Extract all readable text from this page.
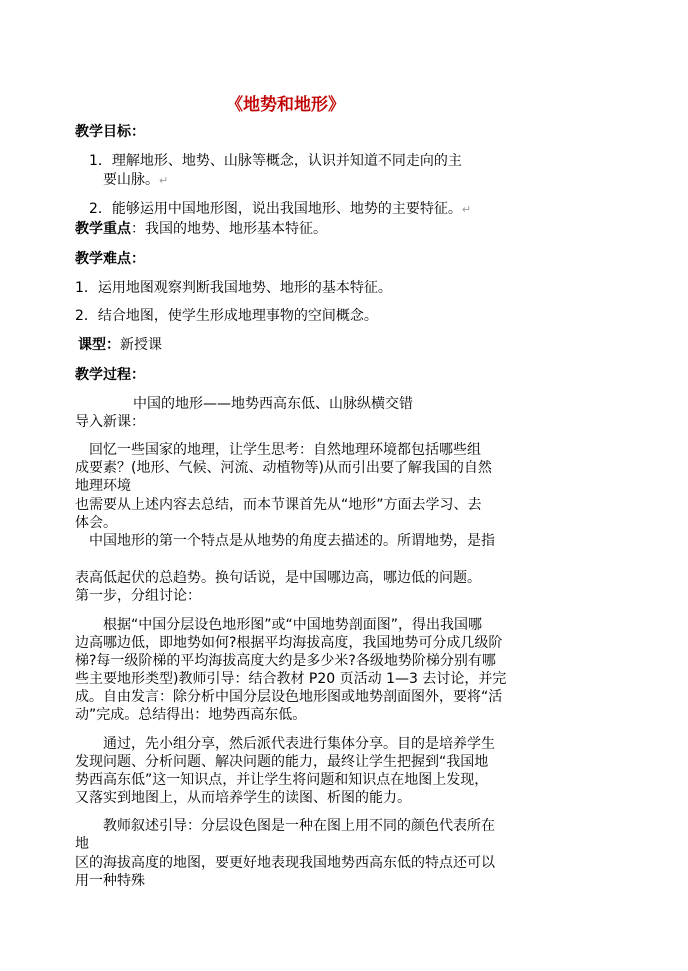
《地势和地形》
教学目标：
1．理解地形、地势、山脉等概念，认识并知道不同走向的主
要山脉。↵
2．能够运用中国地形图，说出我国地形、地势的主要特征。↵
教学重点：我国的地势、地形基本特征。
教学难点：
1．运用地图观察判断我国地势、地形的基本特征。
2．结合地图，使学生形成地理事物的空间概念。
课型：新授课
教学过程：
中国的地形——地势西高东低、山脉纵横交错
导入新课：
回忆一些国家的地理，让学生思考：自然地理环境都包括哪些组
成要素？(地形、气候、河流、动植物等)从而引出要了解我国的自然
地理环境
也需要从上述内容去总结，而本节课首先从“地形”方面去学习、去
体会。
中国地形的第一个特点是从地势的角度去描述的。所谓地势，是指
表高低起伏的总趋势。换句话说，是中国哪边高，哪边低的问题。
第一步，分组讨论：
根据“中国分层设色地形图”或“中国地势剖面图”，得出我国哪
边高哪边低，即地势如何?根据平均海拔高度，我国地势可分成几级阶
梯?每一级阶梯的平均海拔高度大约是多少米?各级地势阶梯分别有哪
些主要地形类型)教师引导：结合教材 P20 页活动 1—3 去讨论，并完
成。自由发言：除分析中国分层设色地形图或地势剖面图外，要将“活
动”完成。总结得出：地势西高东低。
通过，先小组分享，然后派代表进行集体分享。目的是培养学生
发现问题、分析问题、解决问题的能力，最终让学生把握到“我国地
势西高东低”这一知识点，并让学生将问题和知识点在地图上发现，
又落实到地图上，从而培养学生的读图、析图的能力。
教师叙述引导：分层设色图是一种在图上用不同的颜色代表所在
地
区的海拔高度的地图，要更好地表现我国地势西高东低的特点还可以
用一种特殊
